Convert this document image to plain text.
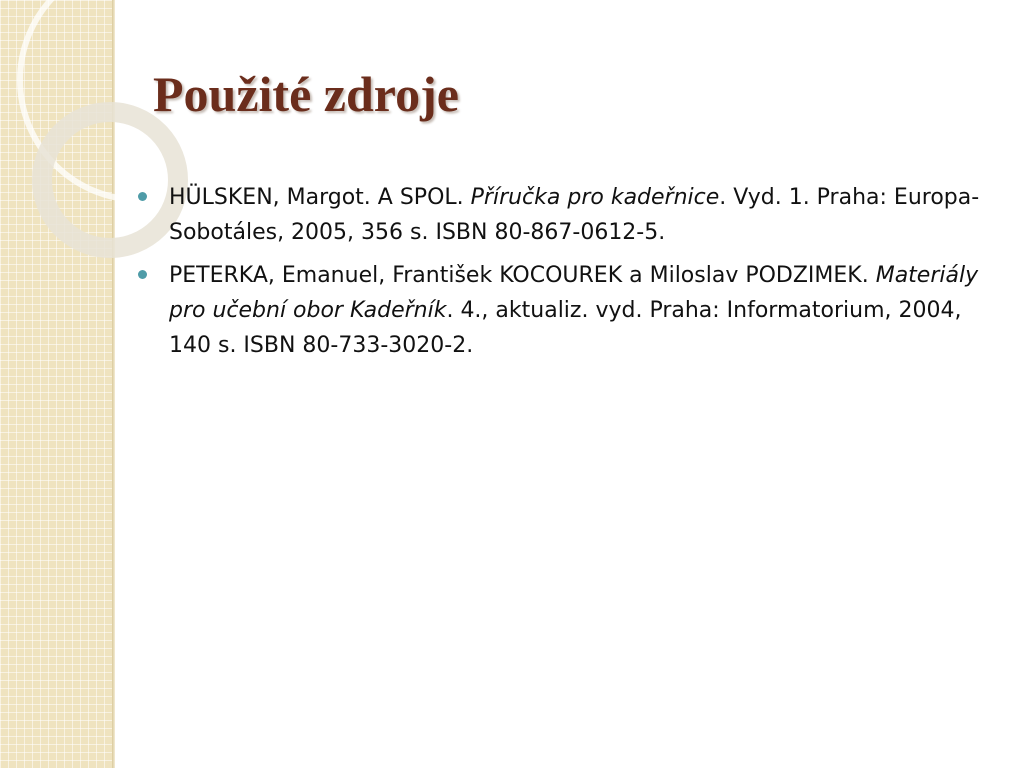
Použité zdroje
HÜLSKEN, Margot. A SPOL. Příručka pro kadeřnice. Vyd. 1. Praha: Europa-Sobotáles, 2005, 356 s. ISBN 80-867-0612-5.
PETERKA, Emanuel, František KOCOUREK a Miloslav PODZIMEK. Materiály pro učební obor Kadeřník. 4., aktualiz. vyd. Praha: Informatorium, 2004, 140 s. ISBN 80-733-3020-2.
